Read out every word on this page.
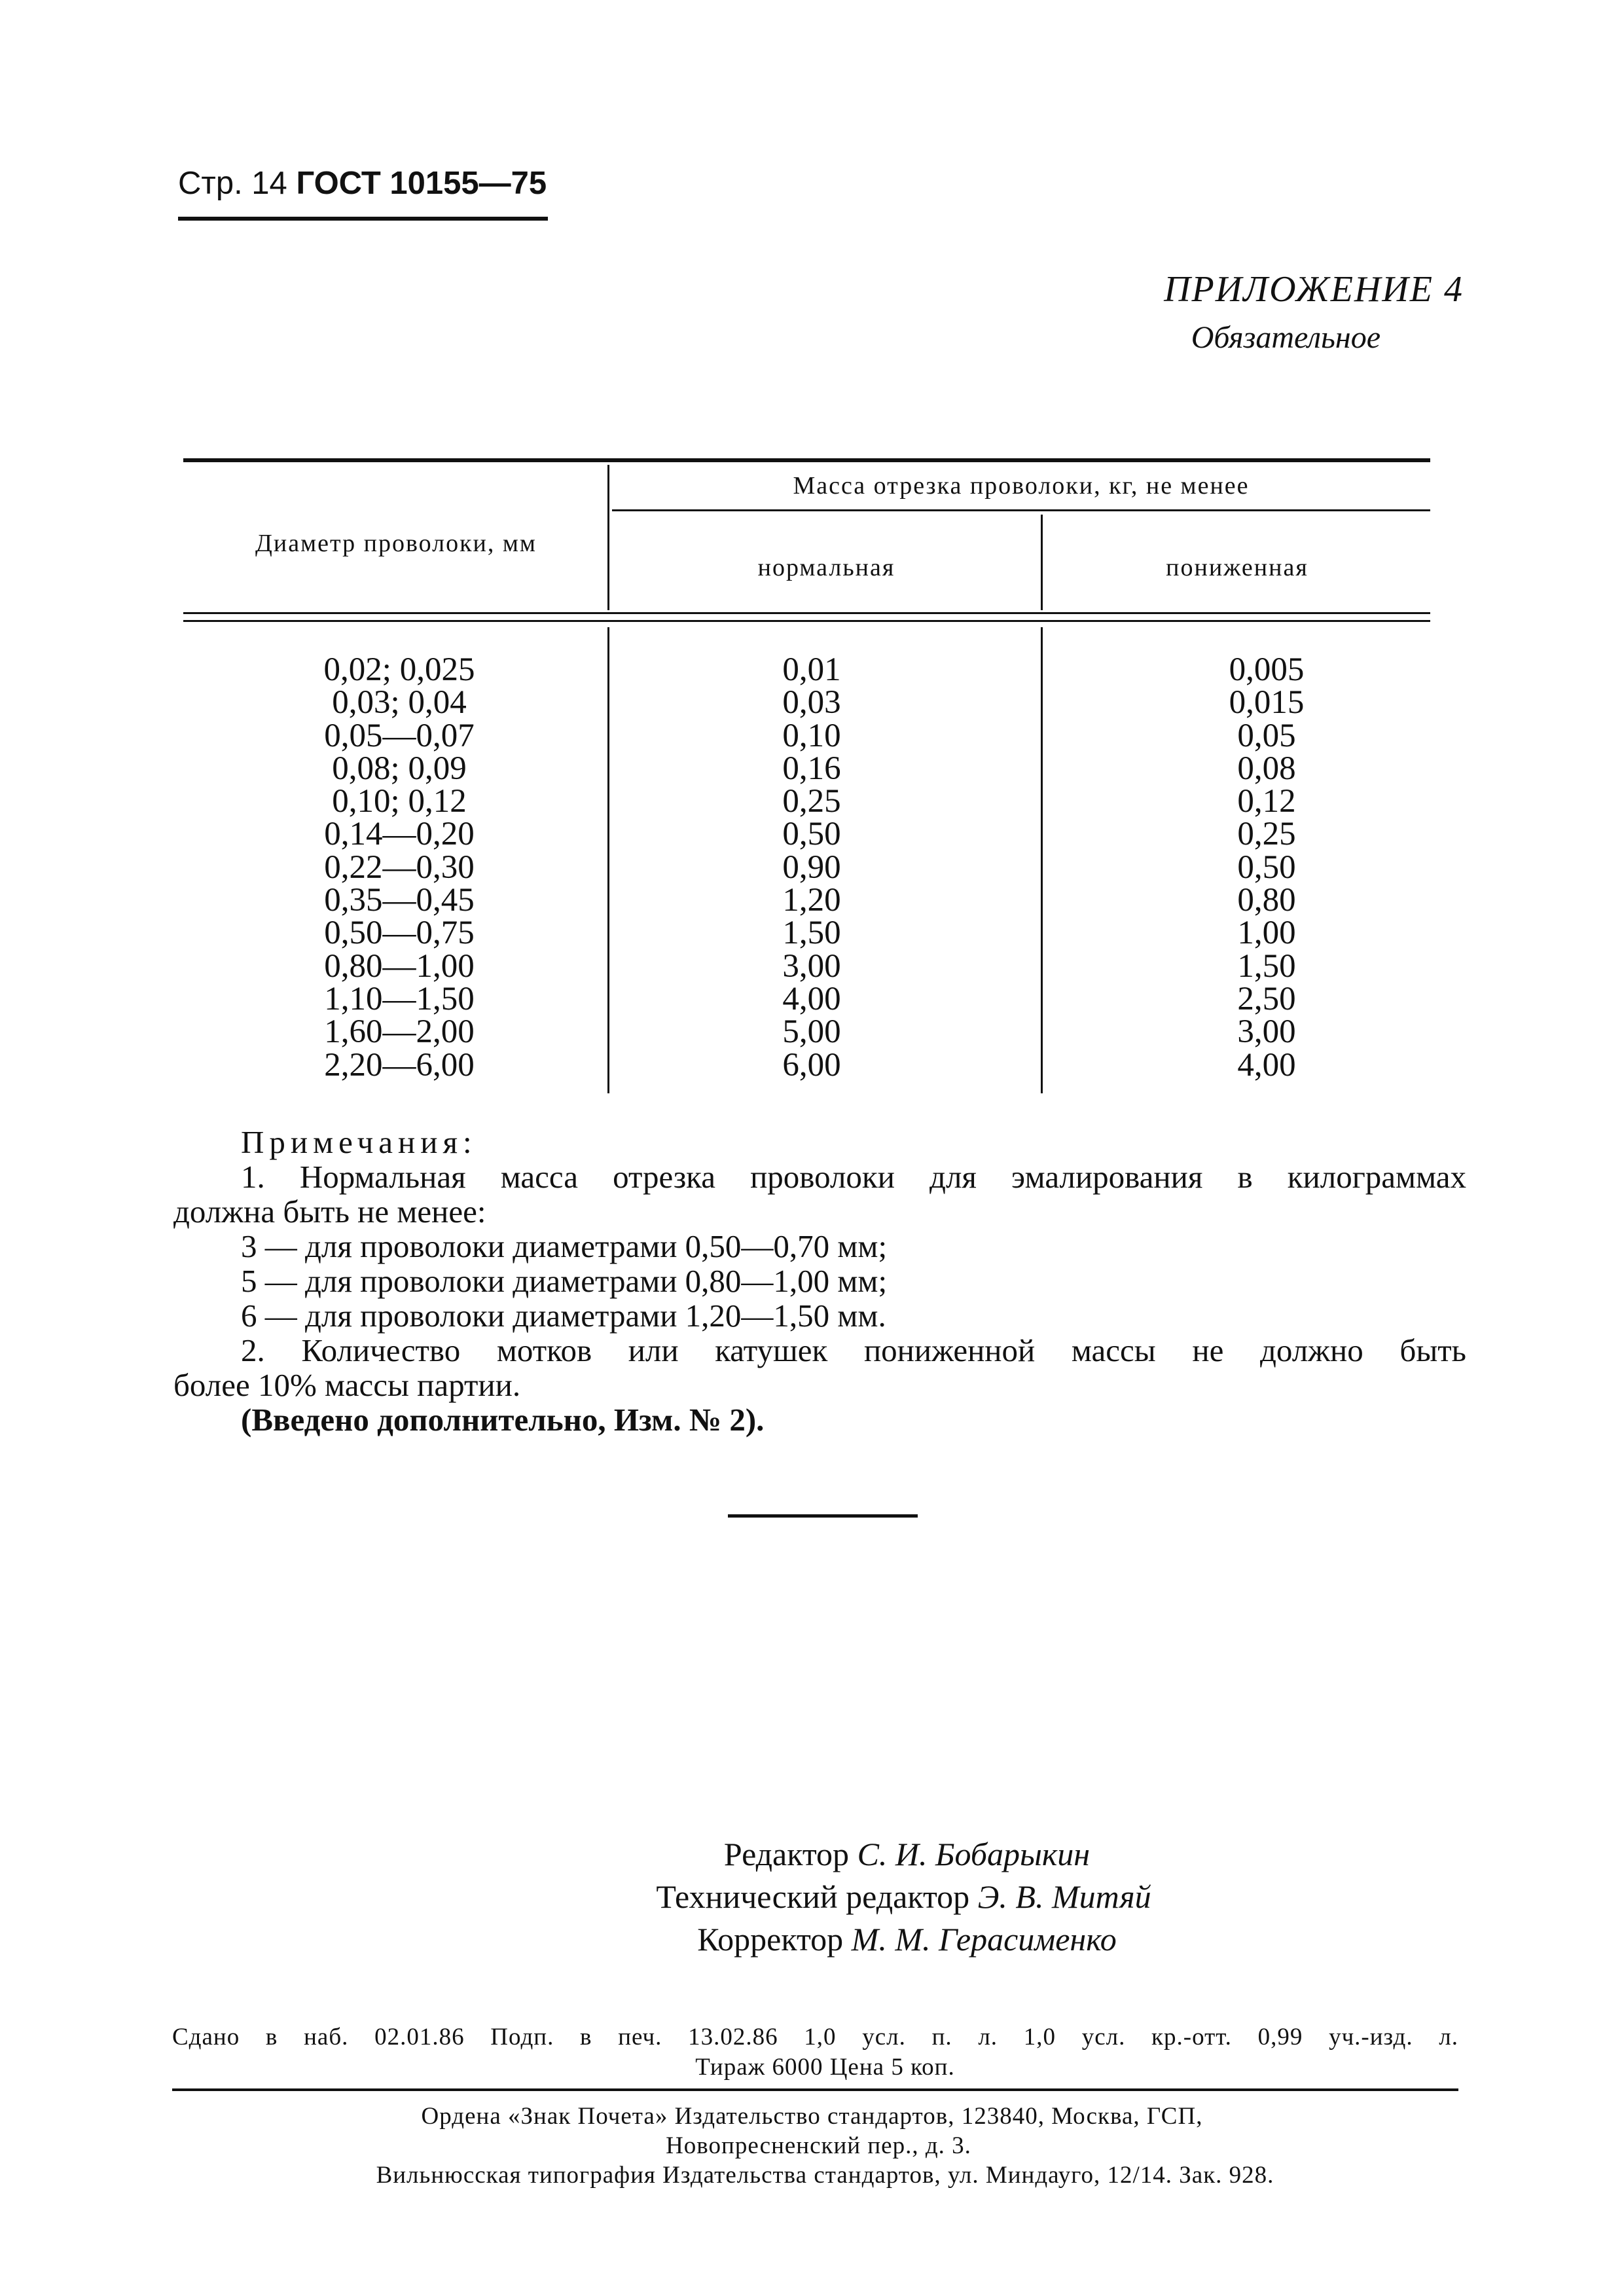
Стр. 14 ГОСТ 10155—75
ПРИЛОЖЕНИЕ 4
Обязательное
Диаметр проволоки, мм
Масса отрезка проволоки, кг, не менее
нормальная	пониженная
0,02; 0,025
0,03; 0,04
0,05—0,07
0,08; 0,09
0,10; 0,12
0,14—0,20
0,22—0,30
0,35—0,45
0,50—0,75
0,80—1,00
1,10—1,50
1,60—2,00
2,20—6,00
0,01
0,03
0,10
0,16
0,25
0,50
0,90
1,20
1,50
3,00
4,00
5,00
6,00
0,005
0,015
0,05
0,08
0,12
0,25
0,50
0,80
1,00
1,50
2,50
3,00
4,00

Примечания:

1. Нормальная масса отрезка проволоки для эмалирования в килограммах

должна быть не менее:

3 — для проволоки диаметрами 0,50—0,70 мм;

5 — для проволоки диаметрами 0,80—1,00 мм;

6 — для проволоки диаметрами 1,20—1,50 мм.

2. Количество мотков или катушек пониженной массы не должно быть

более 10% массы партии.

(Введено дополнительно, Изм. № 2).

Редактор С. И. Бобарыкин
Технический редактор Э. В. Митяй
Корректор М. М. Герасименко
Сдано в наб. 02.01.86 Подп. в печ. 13.02.86 1,0 усл. п. л. 1,0 усл. кр.-отт. 0,99 уч.-изд. л.
Тираж 6000 Цена 5 коп.
Ордена «Знак Почета» Издательство стандартов, 123840, Москва, ГСП,
Новопресненский пер., д. 3.
Вильнюсская типография Издательства стандартов, ул. Миндауго, 12/14. Зак. 928.
